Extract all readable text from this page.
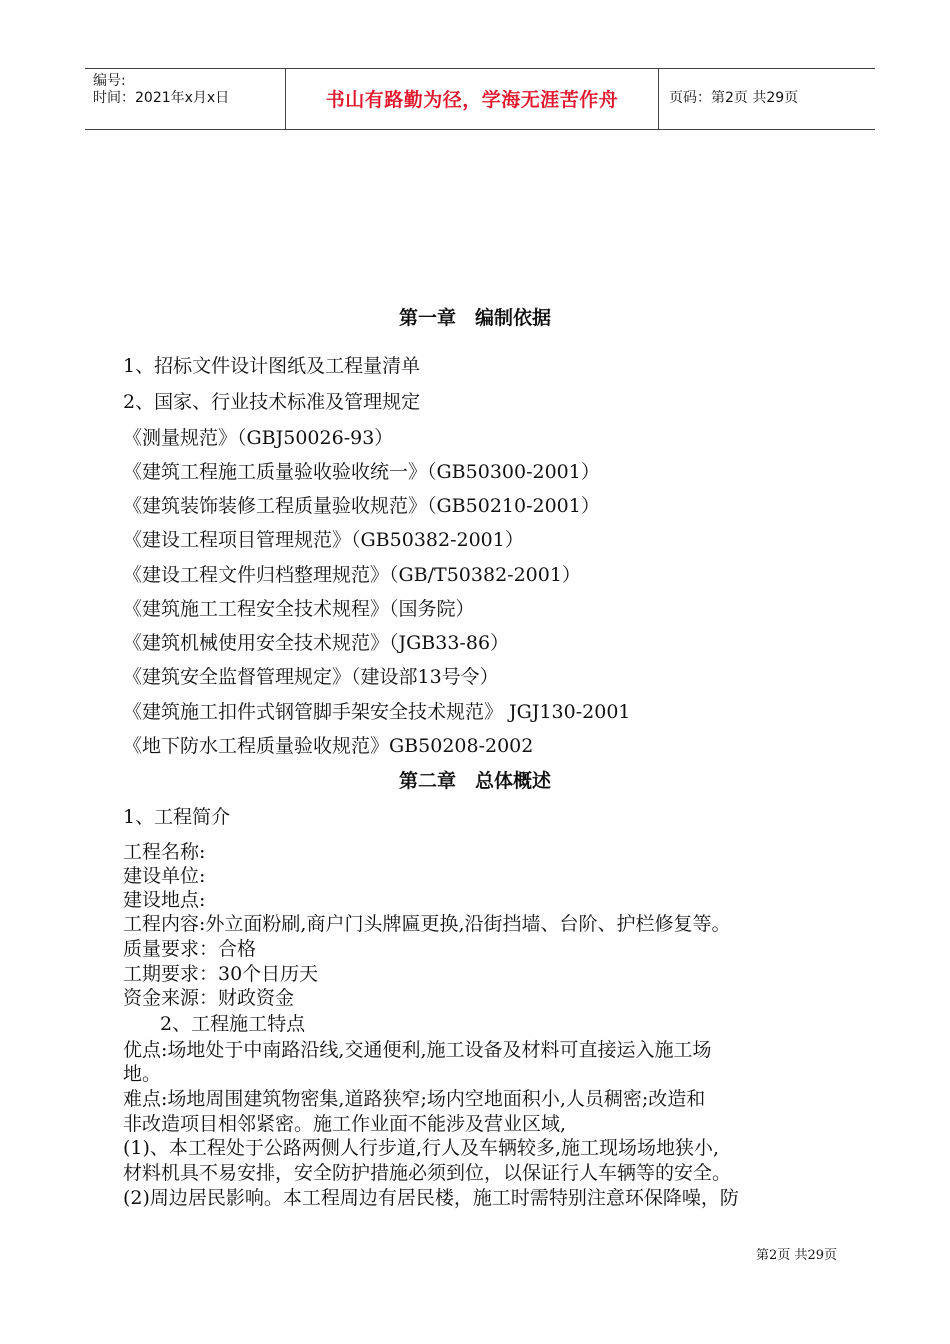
编号:
时间：2021年x月x日	书山有路勤为径，学海无涯苦作舟	页码：第2页 共29页
第一章　编制依据
1、招标文件设计图纸及工程量清单
2、国家、行业技术标准及管理规定
《测量规范》（GBJ50026-93）
《建筑工程施工质量验收验收统一》（GB50300-2001）
《建筑装饰装修工程质量验收规范》（GB50210-2001）
《建设工程项目管理规范》（GB50382-2001）
《建设工程文件归档整理规范》（GB/T50382-2001）
《建筑施工工程安全技术规程》（国务院）
《建筑机械使用安全技术规范》（JGB33-86）
《建筑安全监督管理规定》（建设部13号令）
《建筑施工扣件式钢管脚手架安全技术规范》 JGJ130-2001
《地下防水工程质量验收规范》GB50208-2002
第二章　总体概述
1、工程简介
工程名称:
建设单位:
建设地点:
工程内容:外立面粉刷,商户门头牌匾更换,沿街挡墙、台阶、护栏修复等。
质量要求：合格
工期要求：30个日历天
资金来源：财政资金
2、工程施工特点
优点:场地处于中南路沿线,交通便利,施工设备及材料可直接运入施工场
地。
难点:场地周围建筑物密集,道路狭窄;场内空地面积小,人员稠密;改造和
非改造项目相邻紧密。施工作业面不能涉及营业区域,
(1)、本工程处于公路两侧人行步道,行人及车辆较多,施工现场场地狭小,
材料机具不易安排，安全防护措施必须到位，以保证行人车辆等的安全。
(2)周边居民影响。本工程周边有居民楼，施工时需特别注意环保降噪，防
第2页 共29页
